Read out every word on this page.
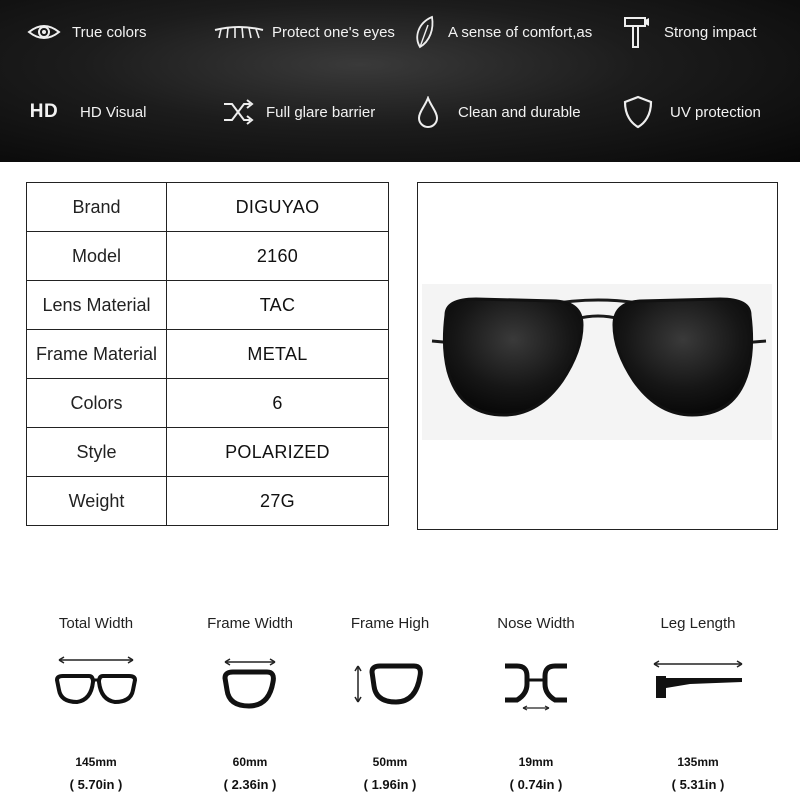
True colors	Protect one's eyes	A sense of comfort,as	Strong impact
HD HD Visual	Full glare barrier	Clean and durable	UV protection
Brand	DIGUYAO
Model	2160
Lens Material	TAC
Frame Material	METAL
Colors	6
Style	POLARIZED
Weight	27G
Total Width
145mm
( 5.70in )
Frame Width
60mm
( 2.36in )
Frame High
50mm
( 1.96in )
Nose Width
19mm
( 0.74in )
Leg Length
135mm
( 5.31in )
